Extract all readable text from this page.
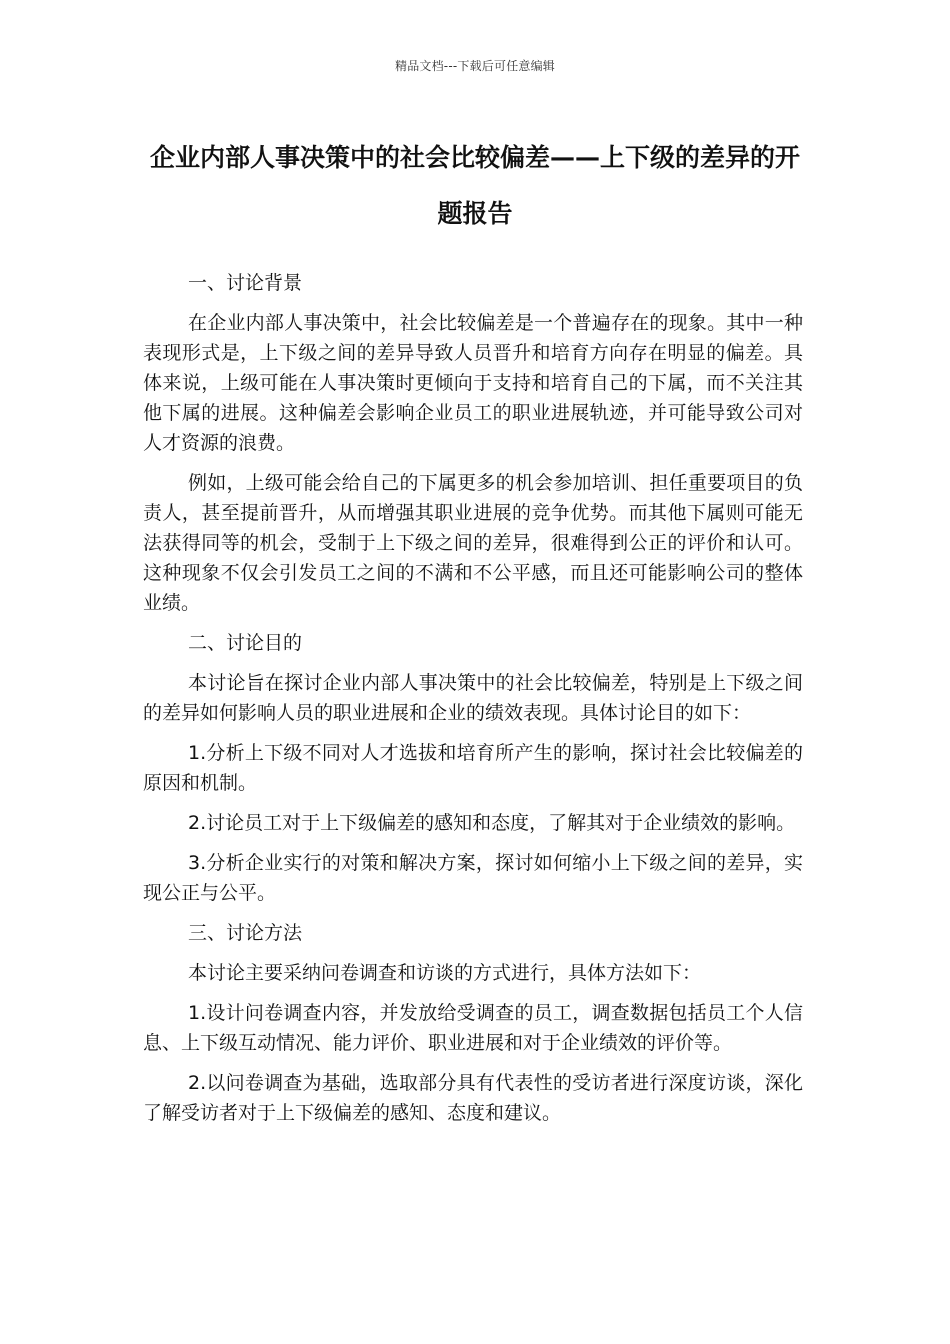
精品文档---下载后可任意编辑
企业内部人事决策中的社会比较偏差——上下级的差异的开题报告
一、讨论背景

在企业内部人事决策中，社会比较偏差是一个普遍存在的现象。其中一种表现形式是，上下级之间的差异导致人员晋升和培育方向存在明显的偏差。具体来说，上级可能在人事决策时更倾向于支持和培育自己的下属，而不关注其他下属的进展。这种偏差会影响企业员工的职业进展轨迹，并可能导致公司对人才资源的浪费。

例如，上级可能会给自己的下属更多的机会参加培训、担任重要项目的负责人，甚至提前晋升，从而增强其职业进展的竞争优势。而其他下属则可能无法获得同等的机会，受制于上下级之间的差异，很难得到公正的评价和认可。这种现象不仅会引发员工之间的不满和不公平感，而且还可能影响公司的整体业绩。

二、讨论目的

本讨论旨在探讨企业内部人事决策中的社会比较偏差，特别是上下级之间的差异如何影响人员的职业进展和企业的绩效表现。具体讨论目的如下：

1.分析上下级不同对人才选拔和培育所产生的影响，探讨社会比较偏差的原因和机制。

2.讨论员工对于上下级偏差的感知和态度，了解其对于企业绩效的影响。

3.分析企业实行的对策和解决方案，探讨如何缩小上下级之间的差异，实现公正与公平。

三、讨论方法

本讨论主要采纳问卷调查和访谈的方式进行，具体方法如下：

1.设计问卷调查内容，并发放给受调查的员工，调查数据包括员工个人信息、上下级互动情况、能力评价、职业进展和对于企业绩效的评价等。

2.以问卷调查为基础，选取部分具有代表性的受访者进行深度访谈，深化了解受访者对于上下级偏差的感知、态度和建议。
